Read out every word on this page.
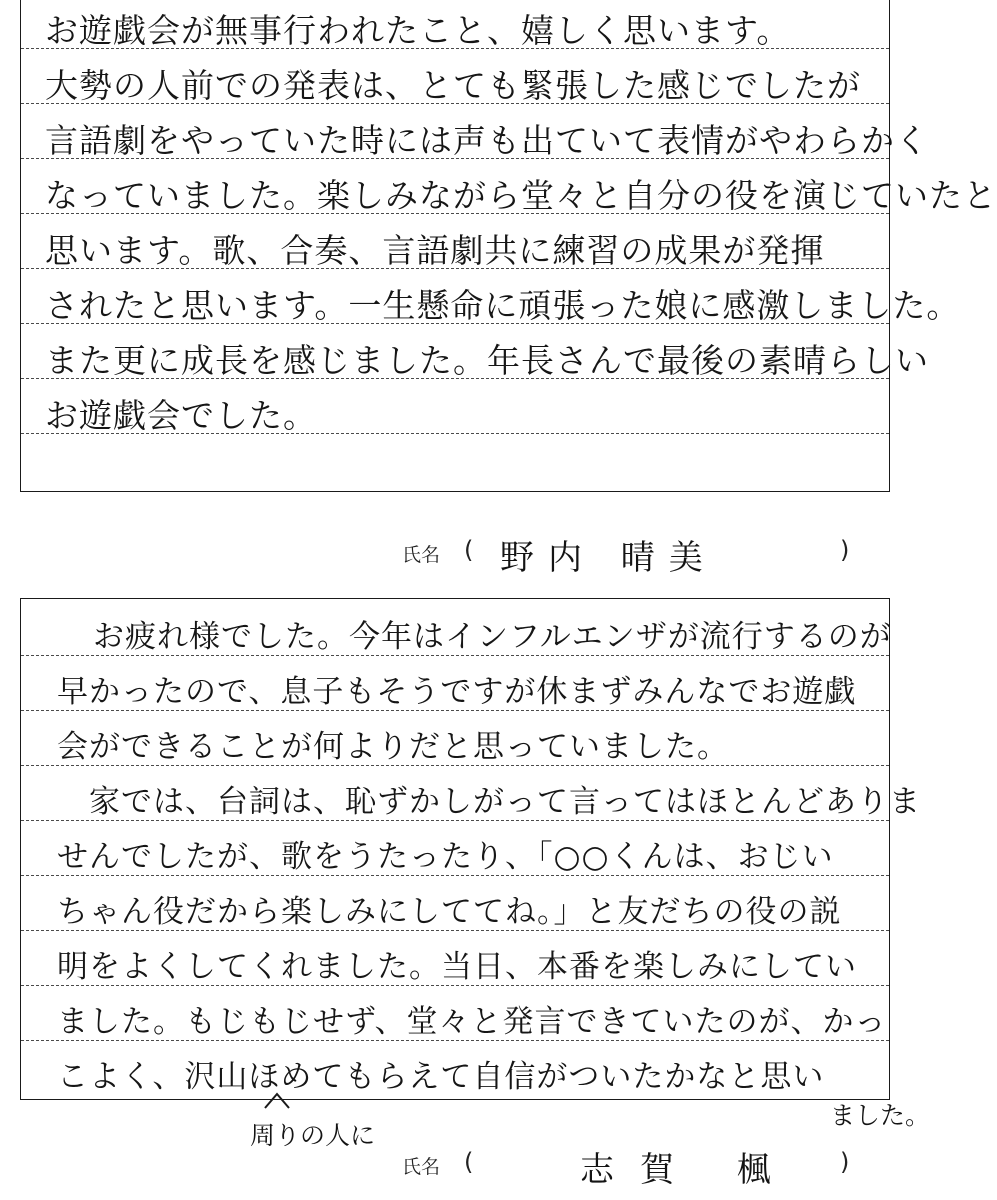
お遊戯会が無事行われたこと、嬉しく思います。
大勢の人前での発表は、とても緊張した感じでしたが
言語劇をやっていた時には声も出ていて表情がやわらかく
なっていました。楽しみながら堂々と自分の役を演じていたと
思います。歌、合奏、言語劇共に練習の成果が発揮
されたと思います。一生懸命に頑張った娘に感激しました。
また更に成長を感じました。年長さんで最後の素晴らしい
お遊戯会でした。
氏名 ( 野内 晴美	)
お疲れ様でした。今年はインフルエンザが流行するのが
早かったので、息子もそうですが休まずみんなでお遊戯
会ができることが何よりだと思っていました。
家では、台詞は、恥ずかしがって言ってはほとんどありま
せんでしたが、歌をうたったり、「○○くんは、おじい
ちゃん役だから楽しみにしててね。」と友だちの役の説
明をよくしてくれました。当日、本番を楽しみにしてい
ました。もじもじせず、堂々と発言できていたのが、かっ
こよく、沢山ほめてもらえて自信がついたかなと思い
周りの人に
ました。
氏名 (	志賀 楓 )
